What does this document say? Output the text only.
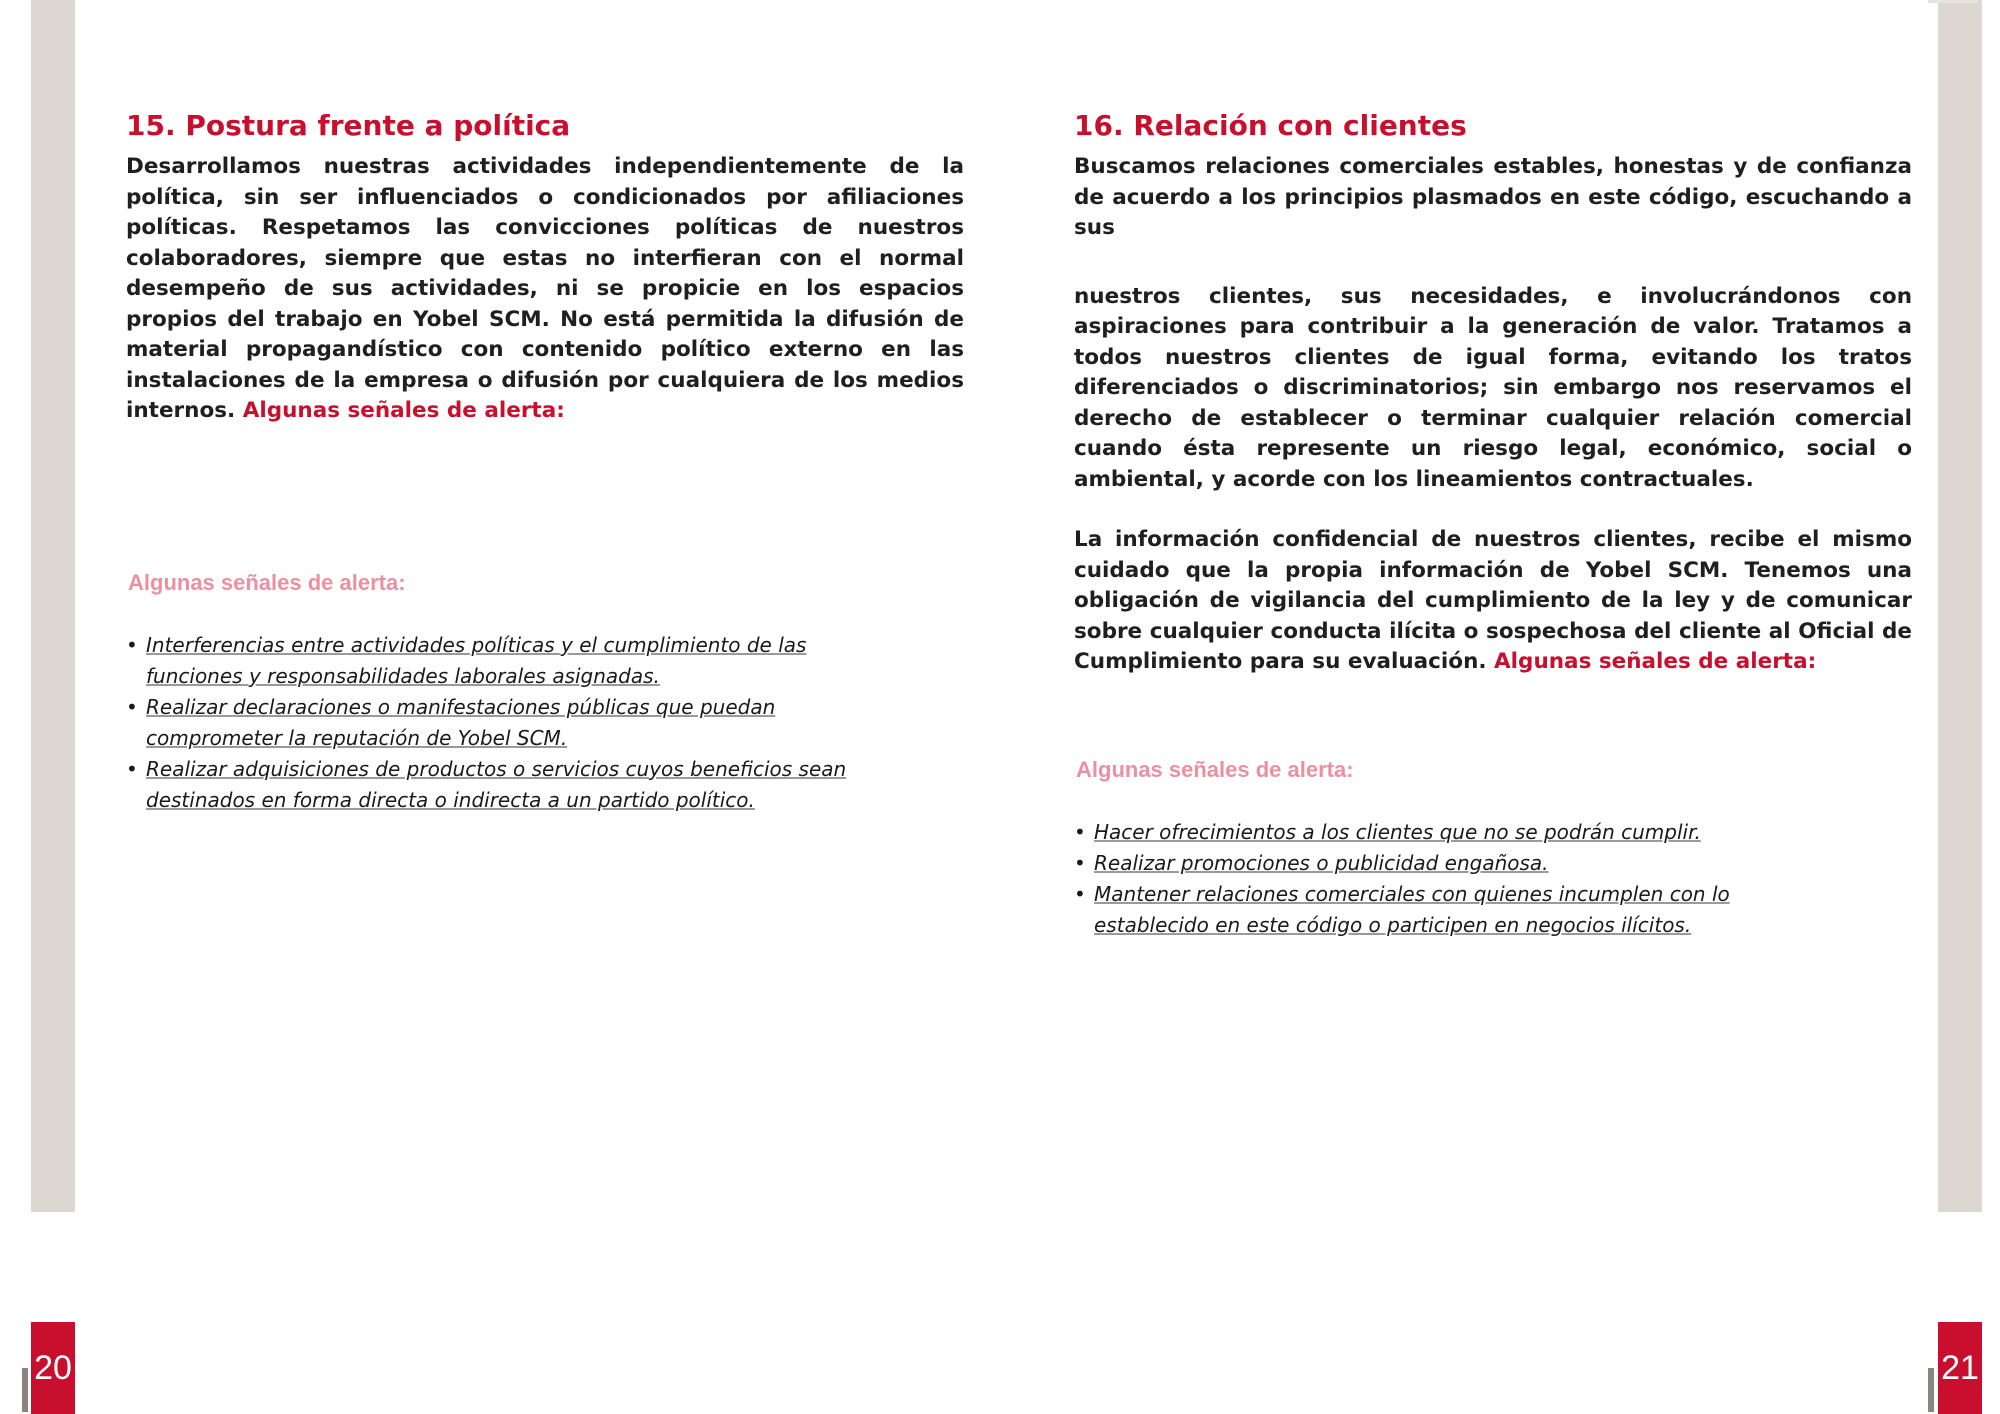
15. Postura frente a política

Desarrollamos nuestras actividades independientemente de la política, sin ser influenciados o condicionados por afiliaciones políticas. Respetamos las convicciones políticas de nuestros colaboradores, siempre que estas no interfieran con el normal desempeño de sus actividades, ni se propicie en los espacios propios del trabajo en Yobel SCM. No está permitida la difusión de material propagandístico con contenido político externo en las instalaciones de la empresa o difusión por cualquiera de los medios internos. Algunas señales de alerta:

Algunas señales de alerta:
• Interferencias entre actividades políticas y el cumplimiento de las funciones y responsabilidades laborales asignadas.
• Realizar declaraciones o manifestaciones públicas que puedan comprometer la reputación de Yobel SCM.
• Realizar adquisiciones de productos o servicios cuyos beneficios sean destinados en forma directa o indirecta a un partido político.
16. Relación con clientes

Buscamos relaciones comerciales estables, honestas y de confianza de acuerdo a los principios plasmados en este código, escuchando a sus

nuestros clientes, sus necesidades, e involucrándonos con aspiraciones para contribuir a la generación de valor. Tratamos a todos nuestros clientes de igual forma, evitando los tratos diferenciados o discriminatorios; sin embargo nos reservamos el derecho de establecer o terminar cualquier relación comercial cuando ésta represente un riesgo legal, económico, social o ambiental, y acorde con los lineamientos contractuales.

La información confidencial de nuestros clientes, recibe el mismo cuidado que la propia información de Yobel SCM. Tenemos una obligación de vigilancia del cumplimiento de la ley y de comunicar sobre cualquier conducta ilícita o sospechosa del cliente al Oficial de Cumplimiento para su evaluación. Algunas señales de alerta:

Algunas señales de alerta:
• Hacer ofrecimientos a los clientes que no se podrán cumplir.
• Realizar promociones o publicidad engañosa.
• Mantener relaciones comerciales con quienes incumplen con lo establecido en este código o participen en negocios ilícitos.
20	21
